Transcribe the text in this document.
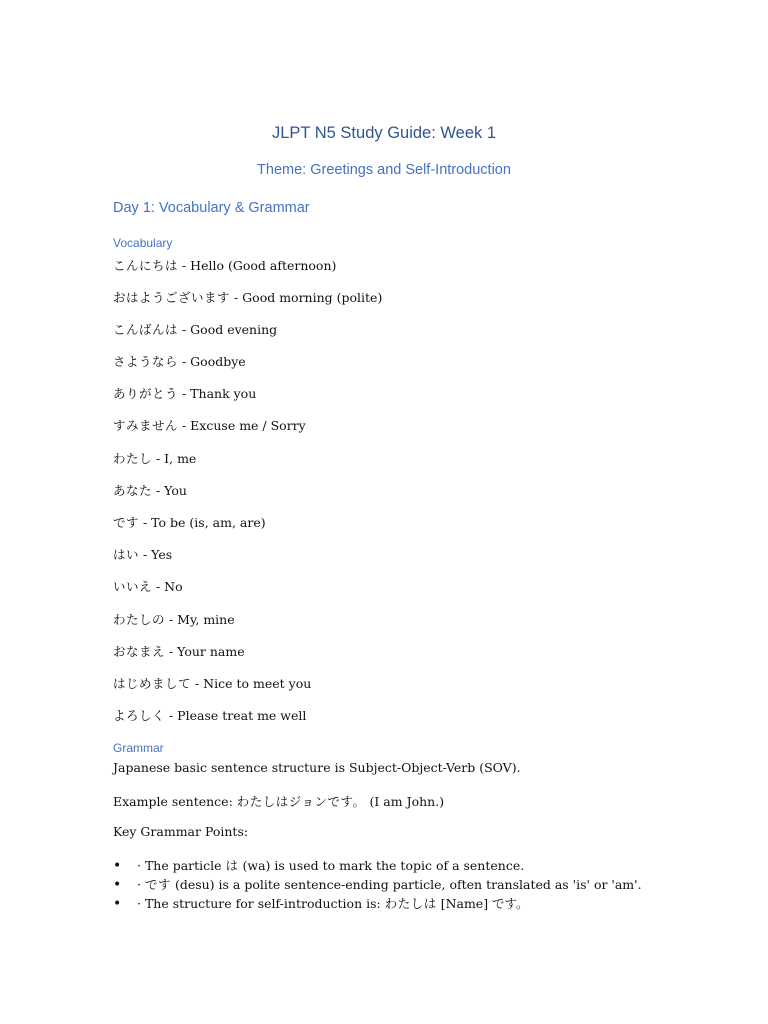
JLPT N5 Study Guide: Week 1
Theme: Greetings and Self-Introduction
Day 1: Vocabulary & Grammar
Vocabulary
こんにちは - Hello (Good afternoon)
おはようございます - Good morning (polite)
こんばんは - Good evening
さようなら - Goodbye
ありがとう - Thank you
すみません - Excuse me / Sorry
わたし - I, me
あなた - You
です - To be (is, am, are)
はい - Yes
いいえ - No
わたしの - My, mine
おなまえ - Your name
はじめまして - Nice to meet you
よろしく - Please treat me well
Grammar
Japanese basic sentence structure is Subject-Object-Verb (SOV).
Example sentence: わたしはジョンです。 (I am John.)
Key Grammar Points:
• · The particle は (wa) is used to mark the topic of a sentence.
• · です (desu) is a polite sentence-ending particle, often translated as 'is' or 'am'.
• · The structure for self-introduction is: わたしは [Name] です。
